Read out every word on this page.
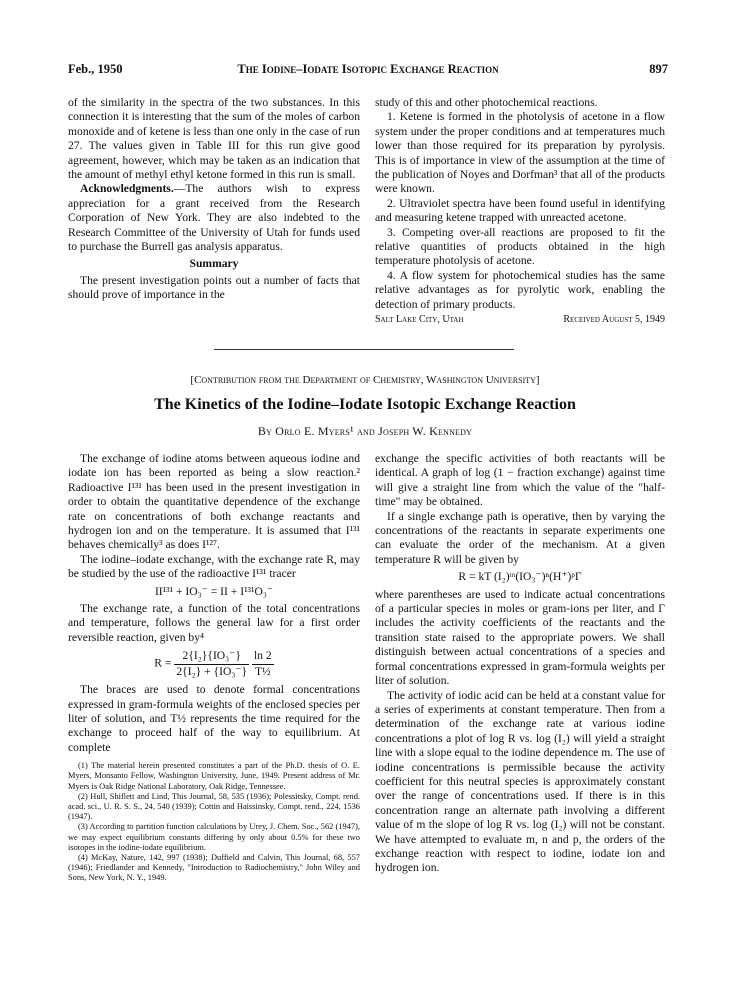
Feb., 1950	The Iodine–Iodate Isotopic Exchange Reaction	897

of the similarity in the spectra of the two substances. In this connection it is interesting that the sum of the moles of carbon monoxide and of ketene is less than one only in the case of run 27. The values given in Table III for this run give good agreement, however, which may be taken as an indication that the amount of methyl ethyl ketone formed in this run is small.

Acknowledgments.—The authors wish to express appreciation for a grant received from the Research Corporation of New York. They are also indebted to the Research Committee of the University of Utah for funds used to purchase the Burrell gas analysis apparatus.

Summary

The present investigation points out a number of facts that should prove of importance in the

study of this and other photochemical reactions.

1. Ketene is formed in the photolysis of acetone in a flow system under the proper conditions and at temperatures much lower than those required for its preparation by pyrolysis. This is of importance in view of the assumption at the time of the publication of Noyes and Dorfman³ that all of the products were known.

2. Ultraviolet spectra have been found useful in identifying and measuring ketene trapped with unreacted acetone.

3. Competing over-all reactions are proposed to fit the relative quantities of products obtained in the high temperature photolysis of acetone.

4. A flow system for photochemical studies has the same relative advantages as for pyrolytic work, enabling the detection of primary products.

Salt Lake City, Utah	Received August 5, 1949
[Contribution from the Department of Chemistry, Washington University]
The Kinetics of the Iodine–Iodate Isotopic Exchange Reaction
By Orlo E. Myers¹ and Joseph W. Kennedy

The exchange of iodine atoms between aqueous iodine and iodate ion has been reported as being a slow reaction.² Radioactive I¹³¹ has been used in the present investigation in order to obtain the quantitative dependence of the exchange rate on concentrations of both exchange reactants and hydrogen ion and on the temperature. It is assumed that I¹³¹ behaves chemically³ as does I¹²⁷.

The iodine–iodate exchange, with the exchange rate R, may be studied by the use of the radioactive I¹³¹ tracer

II¹³¹ + IO₃⁻ = II + I¹³¹O₃⁻

The exchange rate, a function of the total concentrations and temperature, follows the general law for a first order reversible reaction, given by⁴

$R = \frac{\text{2\{I₂\}\{IO₃⁻\}}}{\text{2\{I₂\} + \{IO₃⁻\}}}$
$\frac{\ln 2}{\text{T½}}$

The braces are used to denote formal concentrations expressed in gram-formula weights of the enclosed species per liter of solution, and T½ represents the time required for the exchange to proceed half of the way to equilibrium. At complete

(1) The material herein presented constitutes a part of the Ph.D. thesis of O. E. Myers, Monsanto Fellow, Washington University, June, 1949. Present address of Mr. Myers is Oak Ridge National Laboratory, Oak Ridge, Tennessee.

(2) Hull, Shiflett and Lind, This Journal, 58, 535 (1936); Polessitsky, Compt. rend. acad. sci., U. R. S. S., 24, 540 (1939); Cottin and Haissinsky, Compt. rend., 224, 1536 (1947).

(3) According to partition function calculations by Urey, J. Chem. Soc., 562 (1947), we may expect equilibrium constants differing by only about 0.5% for these two isotopes in the iodine-iodate equilibrium.

(4) McKay, Nature, 142, 997 (1938); Duffield and Calvin, This Journal, 68, 557 (1946); Friedlander and Kennedy, "Introduction to Radiochemistry," John Wiley and Sons, New York, N. Y., 1949.

exchange the specific activities of both reactants will be identical. A graph of log (1 − fraction exchange) against time will give a straight line from which the value of the "half-time" may be obtained.

If a single exchange path is operative, then by varying the concentrations of the reactants in separate experiments one can evaluate the order of the mechanism. At a given temperature R will be given by

R = kT (I₂)ᵐ(IO₃⁻)ⁿ(H⁺)ᵖΓ

where parentheses are used to indicate actual concentrations of a particular species in moles or gram-ions per liter, and Γ includes the activity coefficients of the reactants and the transition state raised to the appropriate powers. We shall distinguish between actual concentrations of a species and formal concentrations expressed in gram-formula weights per liter of solution.

The activity of iodic acid can be held at a constant value for a series of experiments at constant temperature. Then from a determination of the exchange rate at various iodine concentrations a plot of log R vs. log (I₂) will yield a straight line with a slope equal to the iodine dependence m. The use of iodine concentrations is permissible because the activity coefficient for this neutral species is approximately constant over the range of concentrations used. If there is in this concentration range an alternate path involving a different value of m the slope of log R vs. log (I₂) will not be constant. We have attempted to evaluate m, n and p, the orders of the exchange reaction with respect to iodine, iodate ion and hydrogen ion.
